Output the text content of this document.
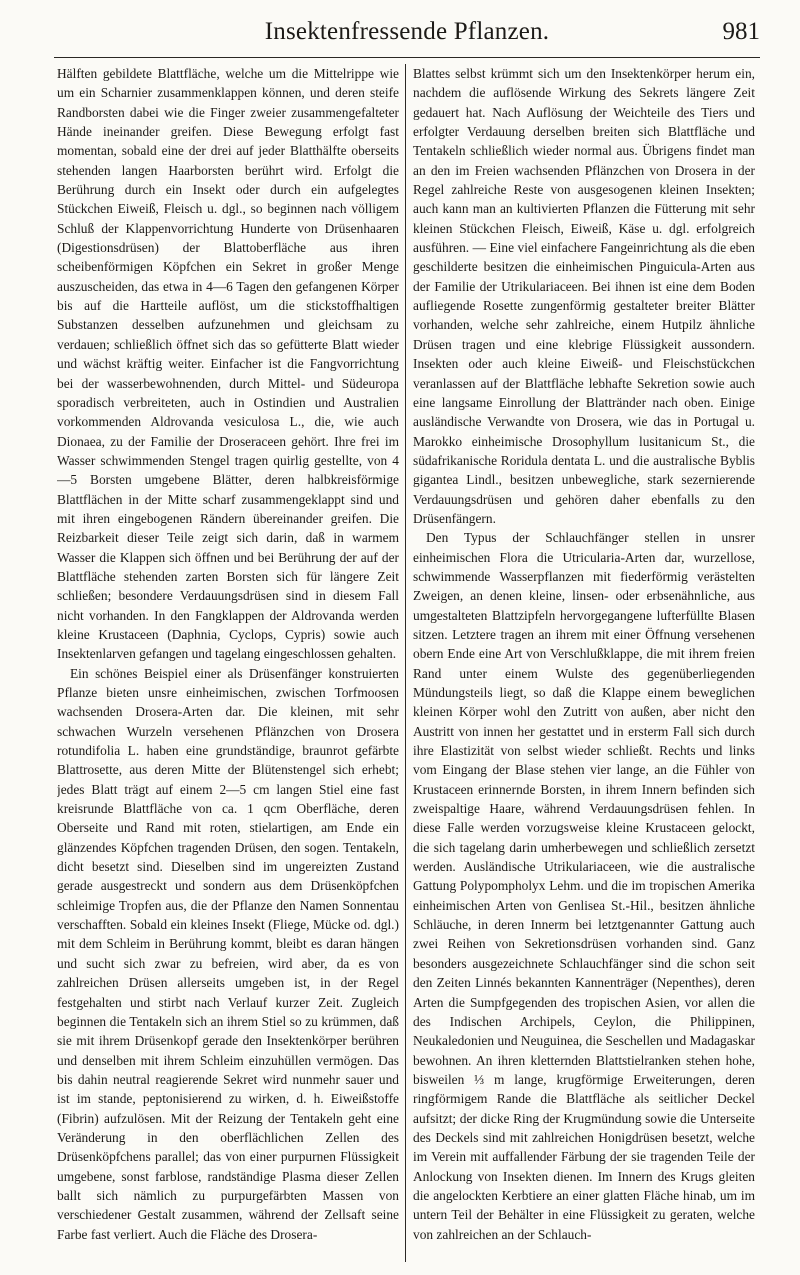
Insektenfressende Pflanzen.	981

Hälften gebildete Blattfläche, welche um die Mittelrippe wie um ein Scharnier zusammenklappen können, und deren steife Randborsten dabei wie die Finger zweier zusammengefalteter Hände ineinander greifen. Diese Bewegung erfolgt fast momentan, sobald eine der drei auf jeder Blatthälfte oberseits stehenden langen Haarborsten berührt wird. Erfolgt die Berührung durch ein Insekt oder durch ein aufgelegtes Stückchen Eiweiß, Fleisch u. dgl., so beginnen nach völligem Schluß der Klappenvorrichtung Hunderte von Drüsenhaaren (Digestionsdrüsen) der Blattoberfläche aus ihren scheibenförmigen Köpfchen ein Sekret in großer Menge auszuscheiden, das etwa in 4—6 Tagen den gefangenen Körper bis auf die Hartteile auflöst, um die stickstoffhaltigen Substanzen desselben aufzunehmen und gleichsam zu verdauen; schließlich öffnet sich das so gefütterte Blatt wieder und wächst kräftig weiter. Einfacher ist die Fangvorrichtung bei der wasserbewohnenden, durch Mittel- und Südeuropa sporadisch verbreiteten, auch in Ostindien und Australien vorkommenden Aldrovanda vesiculosa L., die, wie auch Dionaea, zu der Familie der Droseraceen gehört. Ihre frei im Wasser schwimmenden Stengel tragen quirlig gestellte, von 4—5 Borsten umgebene Blätter, deren halbkreisförmige Blattflächen in der Mitte scharf zusammengeklappt sind und mit ihren eingebogenen Rändern übereinander greifen. Die Reizbarkeit dieser Teile zeigt sich darin, daß in warmem Wasser die Klappen sich öffnen und bei Berührung der auf der Blattfläche stehenden zarten Borsten sich für längere Zeit schließen; besondere Verdauungsdrüsen sind in diesem Fall nicht vorhanden. In den Fangklappen der Aldrovanda werden kleine Krustaceen (Daphnia, Cyclops, Cypris) sowie auch Insektenlarven gefangen und tagelang eingeschlossen gehalten.

Ein schönes Beispiel einer als Drüsenfänger konstruierten Pflanze bieten unsre einheimischen, zwischen Torfmoosen wachsenden Drosera-Arten dar. Die kleinen, mit sehr schwachen Wurzeln versehenen Pflänzchen von Drosera rotundifolia L. haben eine grundständige, braunrot gefärbte Blattrosette, aus deren Mitte der Blütenstengel sich erhebt; jedes Blatt trägt auf einem 2—5 cm langen Stiel eine fast kreisrunde Blattfläche von ca. 1 qcm Oberfläche, deren Oberseite und Rand mit roten, stielartigen, am Ende ein glänzendes Köpfchen tragenden Drüsen, den sogen. Tentakeln, dicht besetzt sind. Dieselben sind im ungereizten Zustand gerade ausgestreckt und sondern aus dem Drüsenköpfchen schleimige Tropfen aus, die der Pflanze den Namen Sonnentau verschafften. Sobald ein kleines Insekt (Fliege, Mücke od. dgl.) mit dem Schleim in Berührung kommt, bleibt es daran hängen und sucht sich zwar zu befreien, wird aber, da es von zahlreichen Drüsen allerseits umgeben ist, in der Regel festgehalten und stirbt nach Verlauf kurzer Zeit. Zugleich beginnen die Tentakeln sich an ihrem Stiel so zu krümmen, daß sie mit ihrem Drüsenkopf gerade den Insektenkörper berühren und denselben mit ihrem Schleim einzuhüllen vermögen. Das bis dahin neutral reagierende Sekret wird nunmehr sauer und ist im stande, peptonisierend zu wirken, d. h. Eiweißstoffe (Fibrin) aufzulösen. Mit der Reizung der Tentakeln geht eine Veränderung in den oberflächlichen Zellen des Drüsenköpfchens parallel; das von einer purpurnen Flüssigkeit umgebene, sonst farblose, randständige Plasma dieser Zellen ballt sich nämlich zu purpurgefärbten Massen von verschiedener Gestalt zusammen, während der Zellsaft seine Farbe fast verliert. Auch die Fläche des Drosera-

Blattes selbst krümmt sich um den Insektenkörper herum ein, nachdem die auflösende Wirkung des Sekrets längere Zeit gedauert hat. Nach Auflösung der Weichteile des Tiers und erfolgter Verdauung derselben breiten sich Blattfläche und Tentakeln schließlich wieder normal aus. Übrigens findet man an den im Freien wachsenden Pflänzchen von Drosera in der Regel zahlreiche Reste von ausgesogenen kleinen Insekten; auch kann man an kultivierten Pflanzen die Fütterung mit sehr kleinen Stückchen Fleisch, Eiweiß, Käse u. dgl. erfolgreich ausführen. — Eine viel einfachere Fangeinrichtung als die eben geschilderte besitzen die einheimischen Pinguicula-Arten aus der Familie der Utrikulariaceen. Bei ihnen ist eine dem Boden aufliegende Rosette zungenförmig gestalteter breiter Blätter vorhanden, welche sehr zahlreiche, einem Hutpilz ähnliche Drüsen tragen und eine klebrige Flüssigkeit aussondern. Insekten oder auch kleine Eiweiß- und Fleischstückchen veranlassen auf der Blattfläche lebhafte Sekretion sowie auch eine langsame Einrollung der Blattränder nach oben. Einige ausländische Verwandte von Drosera, wie das in Portugal u. Marokko einheimische Drosophyllum lusitanicum St., die südafrikanische Roridula dentata L. und die australische Byblis gigantea Lindl., besitzen unbewegliche, stark sezernierende Verdauungsdrüsen und gehören daher ebenfalls zu den Drüsenfängern.

Den Typus der Schlauchfänger stellen in unsrer einheimischen Flora die Utricularia-Arten dar, wurzellose, schwimmende Wasserpflanzen mit fiederförmig verästelten Zweigen, an denen kleine, linsen- oder erbsenähnliche, aus umgestalteten Blattzipfeln hervorgegangene lufterfüllte Blasen sitzen. Letztere tragen an ihrem mit einer Öffnung versehenen obern Ende eine Art von Verschlußklappe, die mit ihrem freien Rand unter einem Wulste des gegenüberliegenden Mündungsteils liegt, so daß die Klappe einem beweglichen kleinen Körper wohl den Zutritt von außen, aber nicht den Austritt von innen her gestattet und in ersterm Fall sich durch ihre Elastizität von selbst wieder schließt. Rechts und links vom Eingang der Blase stehen vier lange, an die Fühler von Krustaceen erinnernde Borsten, in ihrem Innern befinden sich zweispaltige Haare, während Verdauungsdrüsen fehlen. In diese Falle werden vorzugsweise kleine Krustaceen gelockt, die sich tagelang darin umherbewegen und schließlich zersetzt werden. Ausländische Utrikulariaceen, wie die australische Gattung Polypompholyx Lehm. und die im tropischen Amerika einheimischen Arten von Genlisea St.-Hil., besitzen ähnliche Schläuche, in deren Innerm bei letztgenannter Gattung auch zwei Reihen von Sekretionsdrüsen vorhanden sind. Ganz besonders ausgezeichnete Schlauchfänger sind die schon seit den Zeiten Linnés bekannten Kannenträger (Nepenthes), deren Arten die Sumpfgegenden des tropischen Asien, vor allen die des Indischen Archipels, Ceylon, die Philippinen, Neukaledonien und Neuguinea, die Seschellen und Madagaskar bewohnen. An ihren kletternden Blattstielranken stehen hohe, bisweilen ⅓ m lange, krugförmige Erweiterungen, deren ringförmigem Rande die Blattfläche als seitlicher Deckel aufsitzt; der dicke Ring der Krugmündung sowie die Unterseite des Deckels sind mit zahlreichen Honigdrüsen besetzt, welche im Verein mit auffallender Färbung der sie tragenden Teile der Anlockung von Insekten dienen. Im Innern des Krugs gleiten die angelockten Kerbtiere an einer glatten Fläche hinab, um im untern Teil der Behälter in eine Flüssigkeit zu geraten, welche von zahlreichen an der Schlauch-
